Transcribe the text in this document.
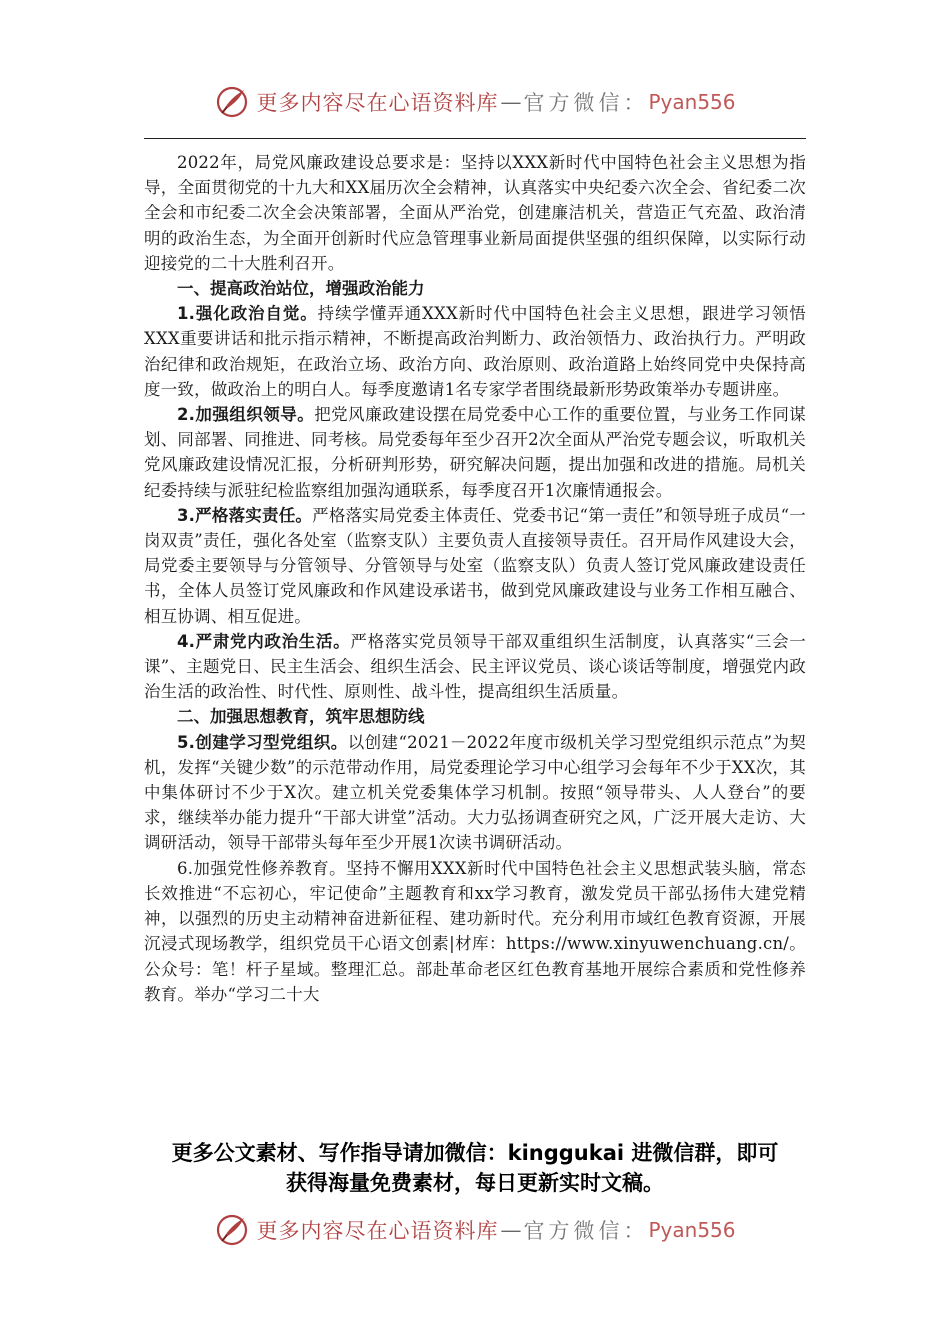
更多内容尽在心语资料库 — 官方微信： Pyan556

2022年，局党风廉政建设总要求是：坚持以XXX新时代中国特色社会主义思想为指导，全面贯彻党的十九大和XX届历次全会精神，认真落实中央纪委六次全会、省纪委二次全会和市纪委二次全会决策部署，全面从严治党，创建廉洁机关，营造正气充盈、政治清明的政治生态，为全面开创新时代应急管理事业新局面提供坚强的组织保障，以实际行动迎接党的二十大胜利召开。

一、提高政治站位，增强政治能力

1.强化政治自觉。持续学懂弄通XXX新时代中国特色社会主义思想，跟进学习领悟XXX重要讲话和批示指示精神，不断提高政治判断力、政治领悟力、政治执行力。严明政治纪律和政治规矩，在政治立场、政治方向、政治原则、政治道路上始终同党中央保持高度一致，做政治上的明白人。每季度邀请1名专家学者围绕最新形势政策举办专题讲座。

2.加强组织领导。把党风廉政建设摆在局党委中心工作的重要位置，与业务工作同谋划、同部署、同推进、同考核。局党委每年至少召开2次全面从严治党专题会议，听取机关党风廉政建设情况汇报，分析研判形势，研究解决问题，提出加强和改进的措施。局机关纪委持续与派驻纪检监察组加强沟通联系，每季度召开1次廉情通报会。

3.严格落实责任。严格落实局党委主体责任、党委书记“第一责任”和领导班子成员“一岗双责”责任，强化各处室（监察支队）主要负责人直接领导责任。召开局作风建设大会，局党委主要领导与分管领导、分管领导与处室（监察支队）负责人签订党风廉政建设责任书，全体人员签订党风廉政和作风建设承诺书，做到党风廉政建设与业务工作相互融合、相互协调、相互促进。

4.严肃党内政治生活。严格落实党员领导干部双重组织生活制度，认真落实“三会一课”、主题党日、民主生活会、组织生活会、民主评议党员、谈心谈话等制度，增强党内政治生活的政治性、时代性、原则性、战斗性，提高组织生活质量。

二、加强思想教育，筑牢思想防线

5.创建学习型党组织。以创建“2021－2022年度市级机关学习型党组织示范点”为契机，发挥“关键少数”的示范带动作用，局党委理论学习中心组学习会每年不少于XX次，其中集体研讨不少于X次。建立机关党委集体学习机制。按照“领导带头、人人登台”的要求，继续举办能力提升“干部大讲堂”活动。大力弘扬调查研究之风，广泛开展大走访、大调研活动，领导干部带头每年至少开展1次读书调研活动。

6.加强党性修养教育。坚持不懈用XXX新时代中国特色社会主义思想武装头脑，常态长效推进“不忘初心，牢记使命”主题教育和xx学习教育，激发党员干部弘扬伟大建党精神，以强烈的历史主动精神奋进新征程、建功新时代。充分利用市域红色教育资源，开展沉浸式现场教学，组织党员干心语文创素|材库：https://www.xinyuwenchuang.cn/。公众号：笔！杆子星域。整理汇总。部赴革命老区红色教育基地开展综合素质和党性修养教育。举办“学习二十大

更多公文素材、写作指导请加微信：kinggukai 进微信群，即可
获得海量免费素材，每日更新实时文稿。
更多内容尽在心语资料库 — 官方微信： Pyan556
